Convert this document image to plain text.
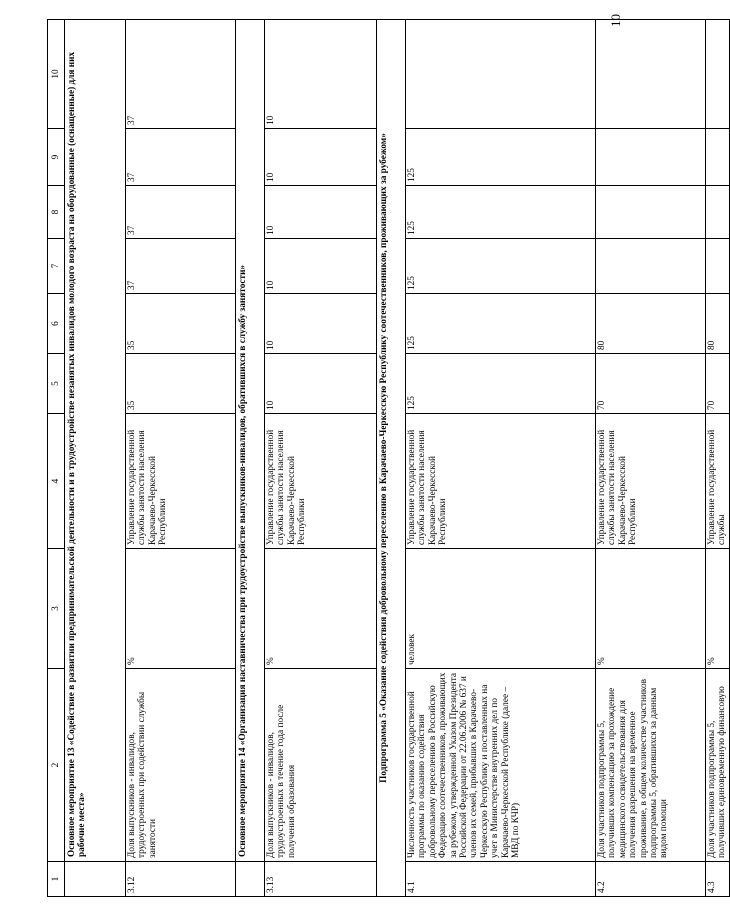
10
1	2	3	4	5	6	7	8	9	10
	Основное мероприятие 13 «Содействие в развитии предпринимательской деятельности и в трудоустройстве незанятых инвалидов молодого возраста на оборудованные (оснащенные) для них рабочие места»								
3.12	Доля выпускников - инвалидов, трудоустроенных при содействии службы занятости	%	Управление государственной службы занятости населения Карачаево-Черкесской Республики	35	35	37	37	37	37
	Основное мероприятие 14 «Организация наставничества при трудоустройстве выпускников-инвалидов, обратившихся в службу занятости»								
3.13	Доля выпускников - инвалидов, трудоустроенных в течение года после получения образования	%	Управление государственной службы занятости населения Карачаево-Черкесской Республики	10	10	10	10	10	10
Подпрограмма 5 «Оказание содействия добровольному переселению в Карачаево-Черкесскую Республику соотечественников, проживающих за рубежом»									
4.1	Численность участников государственной программы по оказанию содействия добровольному переселению в Российскую Федерацию соотечественников, проживающих за рубежом, утвержденной Указом Президента Российской Федерации от 22.06.2006 № 637 и членов их семей, прибывших в Карачаево-Черкесскую Республику и поставленных на учет в Министерстве внутренних дел по Карачаево-Черкесской Республике (далее – МВД по КЧР)	человек	Управление государственной службы занятости населения Карачаево-Черкесской Республики	125	125	125	125	125	
4.2	Доля участников подпрограммы 5, получивших компенсацию за прохождение медицинского освидетельствования для получения разрешения на временное проживание, в общем количестве участников подпрограммы 5, обратившихся за данным видом помощи	%	Управление государственной службы занятости населения Карачаево-Черкесской Республики	70	80				
4.3	Доля участников подпрограммы 5, получивших единовременную финансовую	%	Управление государственной службы	70	80				
